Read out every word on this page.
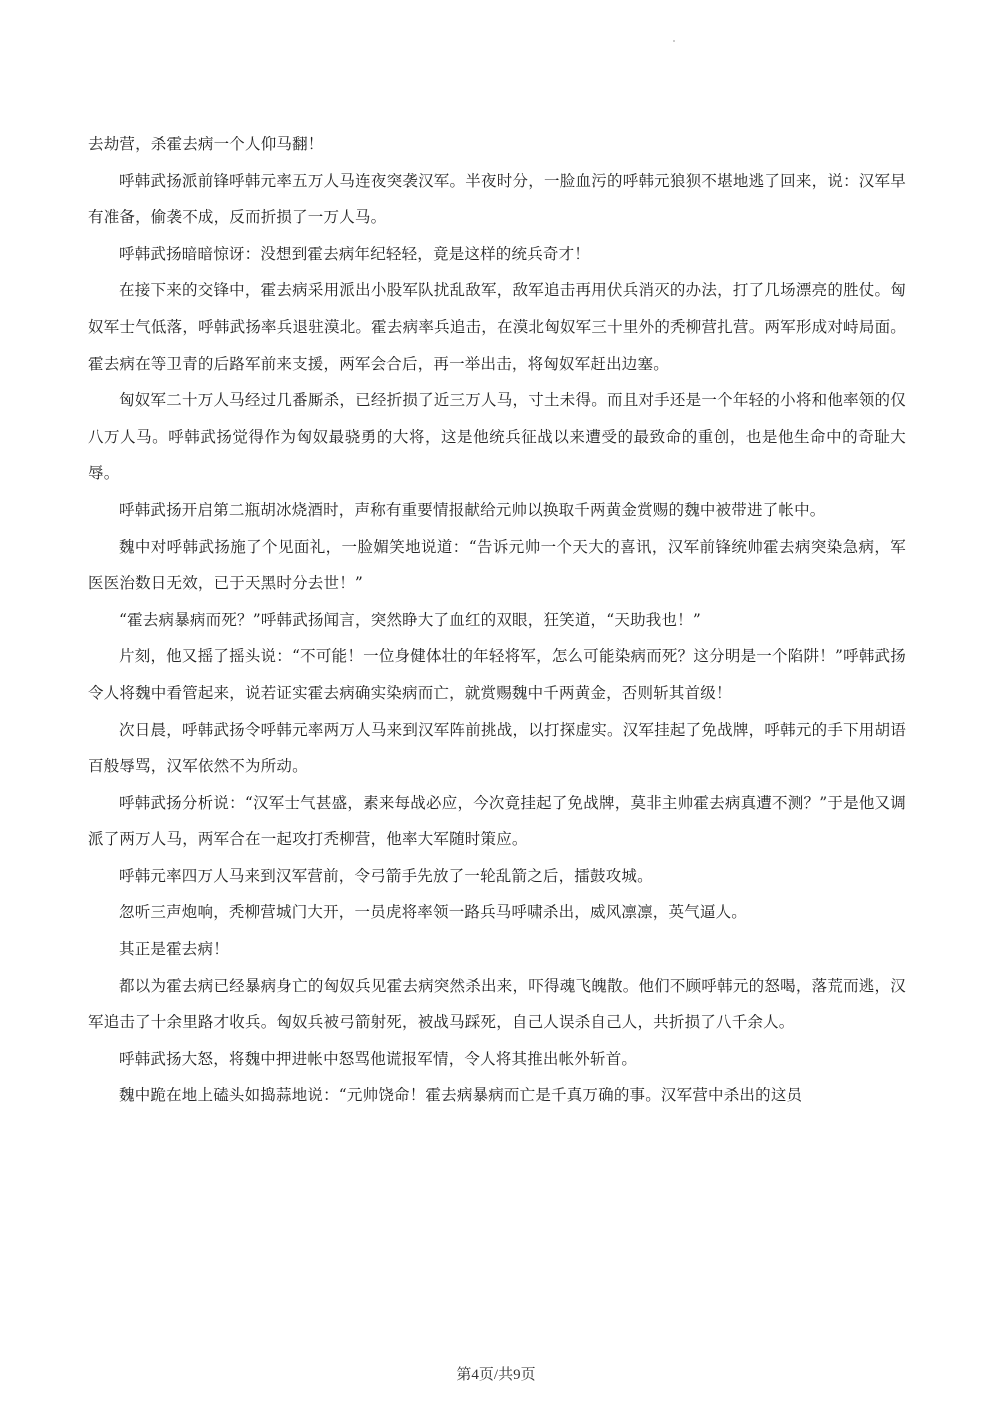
去劫营，杀霍去病一个人仰马翻！

呼韩武扬派前锋呼韩元率五万人马连夜突袭汉军。半夜时分，一脸血污的呼韩元狼狈不堪地逃了回来，说：汉军早有准备，偷袭不成，反而折损了一万人马。

呼韩武扬暗暗惊讶：没想到霍去病年纪轻轻，竟是这样的统兵奇才！

在接下来的交锋中，霍去病采用派出小股军队扰乱敌军，敌军追击再用伏兵消灭的办法，打了几场漂亮的胜仗。匈奴军士气低落，呼韩武扬率兵退驻漠北。霍去病率兵追击，在漠北匈奴军三十里外的秃柳营扎营。两军形成对峙局面。霍去病在等卫青的后路军前来支援，两军会合后，再一举出击，将匈奴军赶出边塞。

匈奴军二十万人马经过几番厮杀，已经折损了近三万人马，寸土未得。而且对手还是一个年轻的小将和他率领的仅八万人马。呼韩武扬觉得作为匈奴最骁勇的大将，这是他统兵征战以来遭受的最致命的重创，也是他生命中的奇耻大辱。

呼韩武扬开启第二瓶胡冰烧酒时，声称有重要情报献给元帅以换取千两黄金赏赐的魏中被带进了帐中。

魏中对呼韩武扬施了个见面礼，一脸媚笑地说道：“告诉元帅一个天大的喜讯，汉军前锋统帅霍去病突染急病，军医医治数日无效，已于天黑时分去世！”

“霍去病暴病而死？”呼韩武扬闻言，突然睁大了血红的双眼，狂笑道，“天助我也！”

片刻，他又摇了摇头说：“不可能！一位身健体壮的年轻将军，怎么可能染病而死？这分明是一个陷阱！”呼韩武扬令人将魏中看管起来，说若证实霍去病确实染病而亡，就赏赐魏中千两黄金，否则斩其首级！

次日晨，呼韩武扬令呼韩元率两万人马来到汉军阵前挑战，以打探虚实。汉军挂起了免战牌，呼韩元的手下用胡语百般辱骂，汉军依然不为所动。

呼韩武扬分析说：“汉军士气甚盛，素来每战必应，今次竟挂起了免战牌，莫非主帅霍去病真遭不测？”于是他又调派了两万人马，两军合在一起攻打秃柳营，他率大军随时策应。

呼韩元率四万人马来到汉军营前，令弓箭手先放了一轮乱箭之后，擂鼓攻城。

忽听三声炮响，秃柳营城门大开，一员虎将率领一路兵马呼啸杀出，威风凛凛，英气逼人。

其正是霍去病！

都以为霍去病已经暴病身亡的匈奴兵见霍去病突然杀出来，吓得魂飞魄散。他们不顾呼韩元的怒喝，落荒而逃，汉军追击了十余里路才收兵。匈奴兵被弓箭射死，被战马踩死，自己人误杀自己人，共折损了八千余人。

呼韩武扬大怒，将魏中押进帐中怒骂他谎报军情，令人将其推出帐外斩首。

魏中跪在地上磕头如捣蒜地说：“元帅饶命！霍去病暴病而亡是千真万确的事。汉军营中杀出的这员

第4页/共9页
